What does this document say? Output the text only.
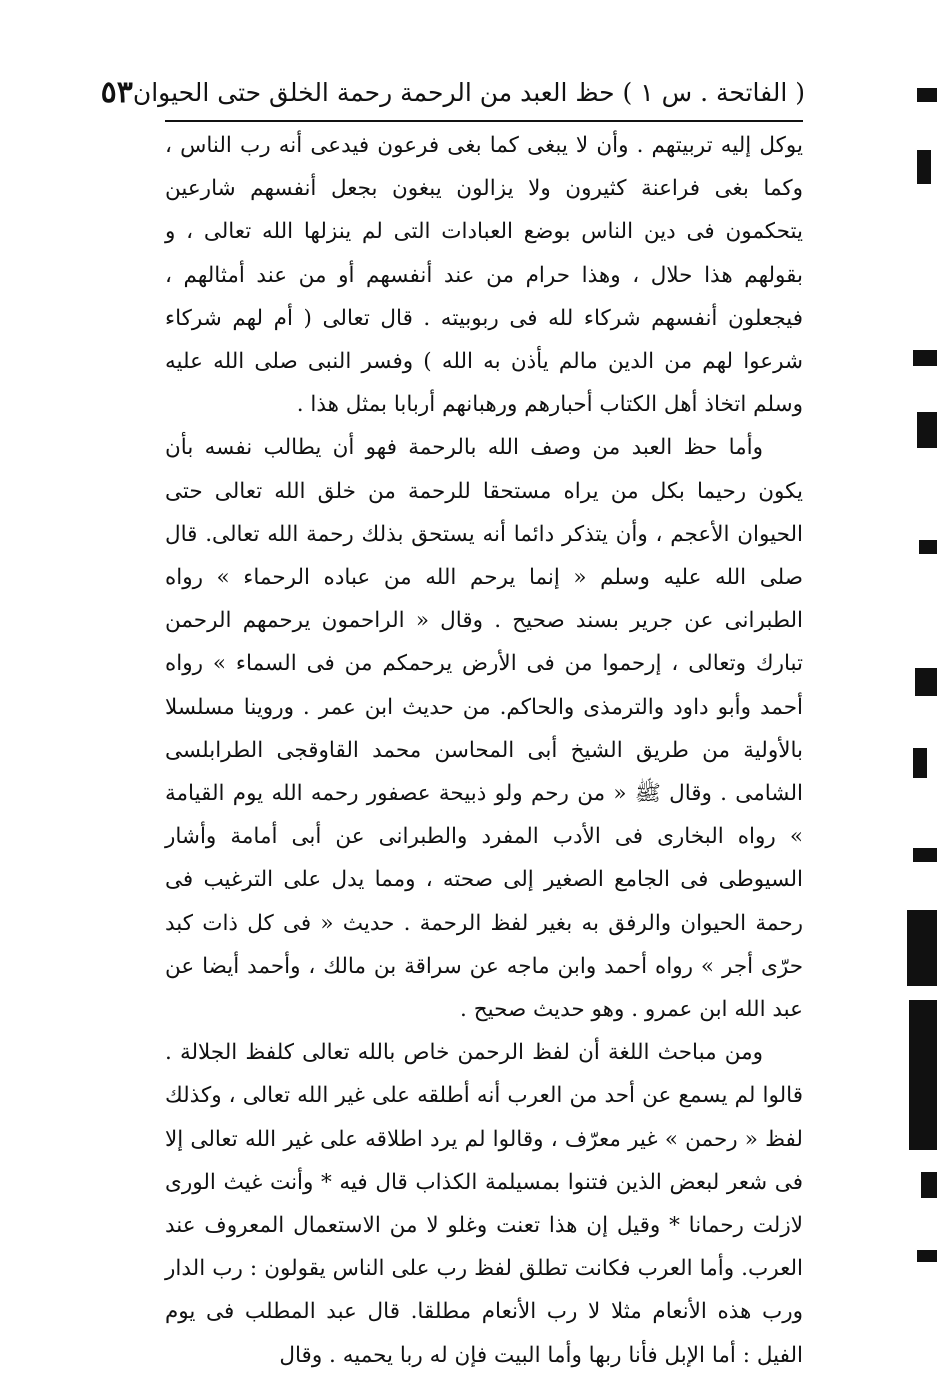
( الفاتحة . س ١ ) حظ العبد من الرحمة رحمة الخلق حتى الحيوان
٥٣

يوكل إليه تربيتهم . وأن لا يبغى كما بغى فرعون فيدعى أنه رب الناس ، وكما بغى فراعنة كثيرون ولا يزالون يبغون بجعل أنفسهم شارعين يتحكمون فى دين الناس بوضع العبادات التى لم ينزلها الله تعالى ، و بقولهم هذا حلال ، وهذا حرام من عند أنفسهم أو من عند أمثالهم ، فيجعلون أنفسهم شركاء لله فى ربوبيته . قال تعالى ( أم لهم شركاء شرعوا لهم من الدين مالم يأذن به الله ) وفسر النبى صلى الله عليه وسلم اتخاذ أهل الكتاب أحبارهم ورهبانهم أربابا بمثل هذا .

وأما حظ العبد من وصف الله بالرحمة فهو أن يطالب نفسه بأن يكون رحيما بكل من يراه مستحقا للرحمة من خلق الله تعالى حتى الحيوان الأعجم ، وأن يتذكر دائما أنه يستحق بذلك رحمة الله تعالى. قال صلى الله عليه وسلم « إنما يرحم الله من عباده الرحماء » رواه الطبرانى عن جرير بسند صحيح . وقال « الراحمون يرحمهم الرحمن تبارك وتعالى ، إرحموا من فى الأرض يرحمكم من فى السماء » رواه أحمد وأبو داود والترمذى والحاكم. من حديث ابن عمر . وروينا مسلسلا بالأولية من طريق الشيخ أبى المحاسن محمد القاوقجى الطرابلسى الشامى . وقال ﷺ « من رحم ولو ذبيحة عصفور رحمه الله يوم القيامة » رواه البخارى فى الأدب المفرد والطبرانى عن أبى أمامة وأشار السيوطى فى الجامع الصغير إلى صحته ، ومما يدل على الترغيب فى رحمة الحيوان والرفق به بغير لفظ الرحمة . حديث « فى كل ذات كبد حرّى أجر » رواه أحمد وابن ماجه عن سراقة بن مالك ، وأحمد أيضا عن عبد الله ابن عمرو . وهو حديث صحيح .

ومن مباحث اللغة أن لفظ الرحمن خاص بالله تعالى كلفظ الجلالة . قالوا لم يسمع عن أحد من العرب أنه أطلقه على غير الله تعالى ، وكذلك لفظ « رحمن » غير معرّف ، وقالوا لم يرد اطلاقه على غير الله تعالى إلا فى شعر لبعض الذين فتنوا بمسيلمة الكذاب قال فيه * وأنت غيث الورى لازلت رحمانا * وقيل إن هذا تعنت وغلو لا من الاستعمال المعروف عند العرب. وأما العرب فكانت تطلق لفظ رب على الناس يقولون : رب الدار ورب هذه الأنعام مثلا لا رب الأنعام مطلقا. قال عبد المطلب فى يوم الفيل : أما الإبل فأنا ربها وأما البيت فإن له ربا يحميه . وقال
